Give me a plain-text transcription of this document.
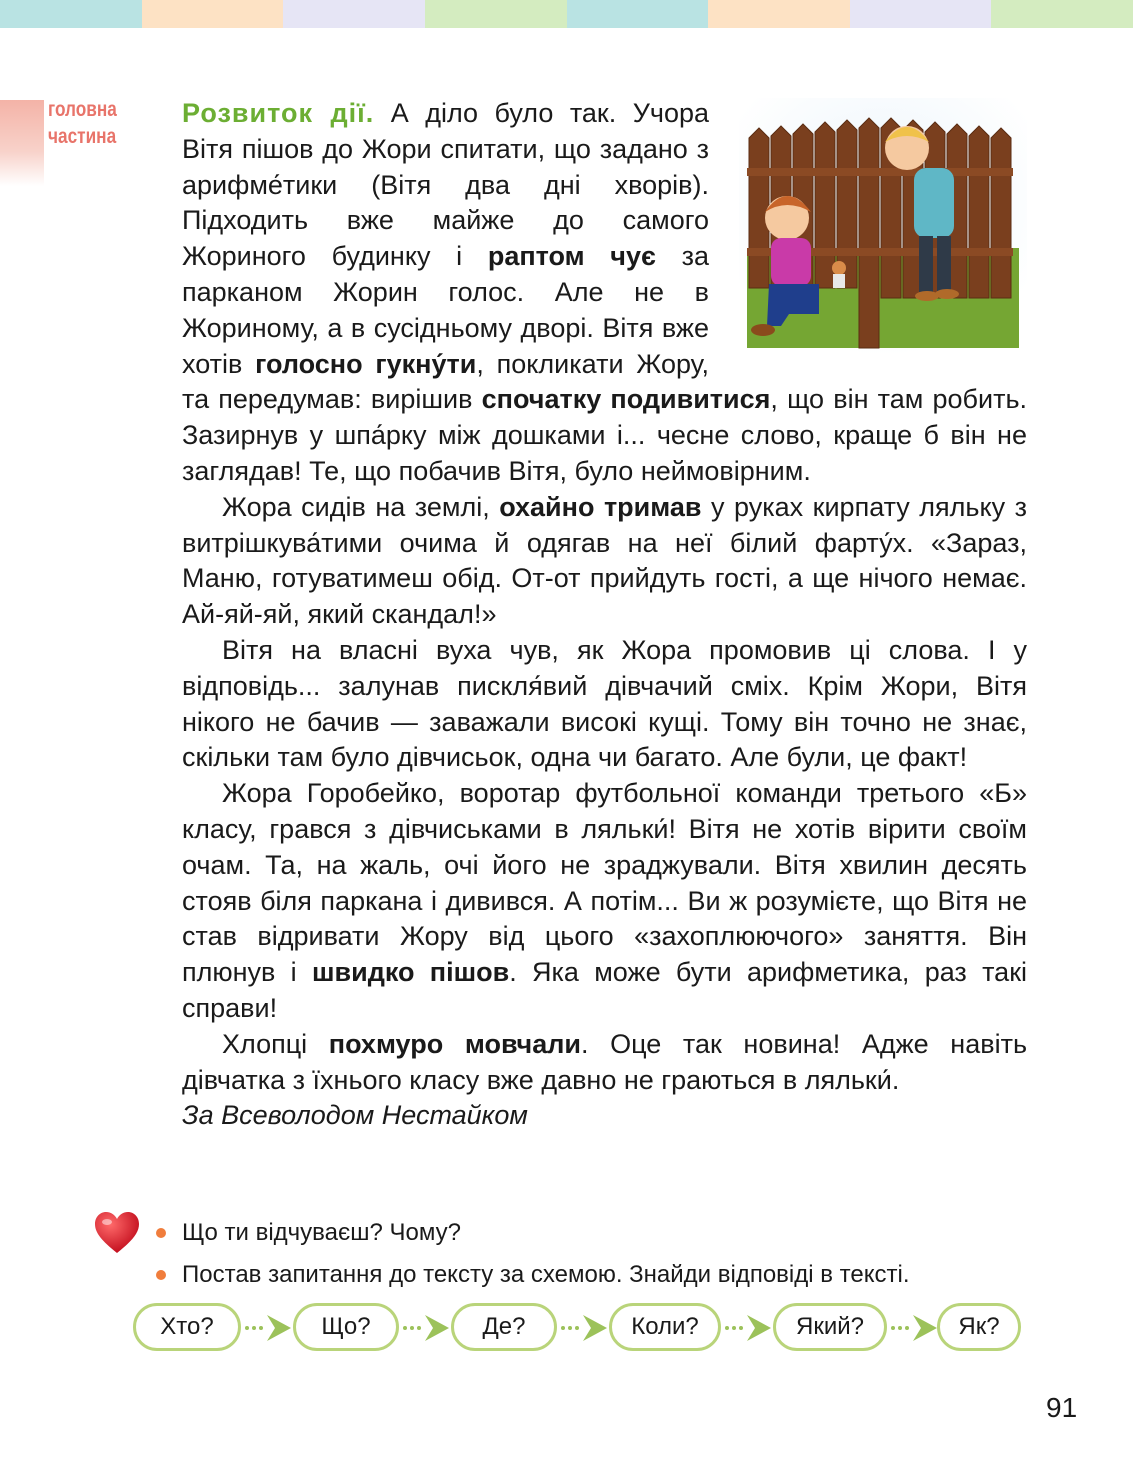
головна
частина

Розвиток дії. А діло було так. Учора Вітя пішов до Жори спитати, що задано з арифме́тики (Вітя два дні хворів). Підходить вже майже до самого Жориного будинку і раптом чує за парканом Жорин голос. Але не в Жориному, а в сусідньому дворі. Вітя вже хотів голосно гукну́ти, покликати Жору, та передумав: вирішив спочатку подивитися, що він там робить. Зазирнув у шпа́рку між дошками і... чесне слово, краще б він не заглядав! Те, що побачив Вітя, було неймовірним.

Жора сидів на землі, охайно тримав у руках кирпату ляльку з витрішкува́тими очима й одягав на неї білий фарту́х. «Зараз, Маню, готуватимеш обід. От-от прийдуть гості, а ще нічого немає. Ай-яй-яй, який скандал!»

Вітя на власні вуха чув, як Жора промовив ці слова. І у відповідь... залунав пискля́вий дівчачий сміх. Крім Жори, Вітя нікого не бачив — заважали високі кущі. Тому він точно не знає, скільки там було дівчисьок, одна чи багато. Але були, це факт!

Жора Горобейко, воротар футбольної команди третього «Б» класу, грався з дівчиськами в ляльки́! Вітя не хотів вірити своїм очам. Та, на жаль, очі його не зраджували. Вітя хвилин десять стояв біля паркана і дивився. А потім... Ви ж розумієте, що Вітя не став відривати Жору від цього «захоплюючого» заняття. Він плюнув і швидко пішов. Яка може бути арифметика, раз такі справи!

Хлопці похмуро мовчали. Оце так новина! Адже навіть дівчатка з їхнього класу вже давно не граються в ляльки́.

За Всеволодом Нестайком

Що ти відчуваєш? Чому?
Постав запитання до тексту за схемою. Знайди відповіді в тексті.
Хто?	Що?	Де?	Коли?	Який?	Як?
91
